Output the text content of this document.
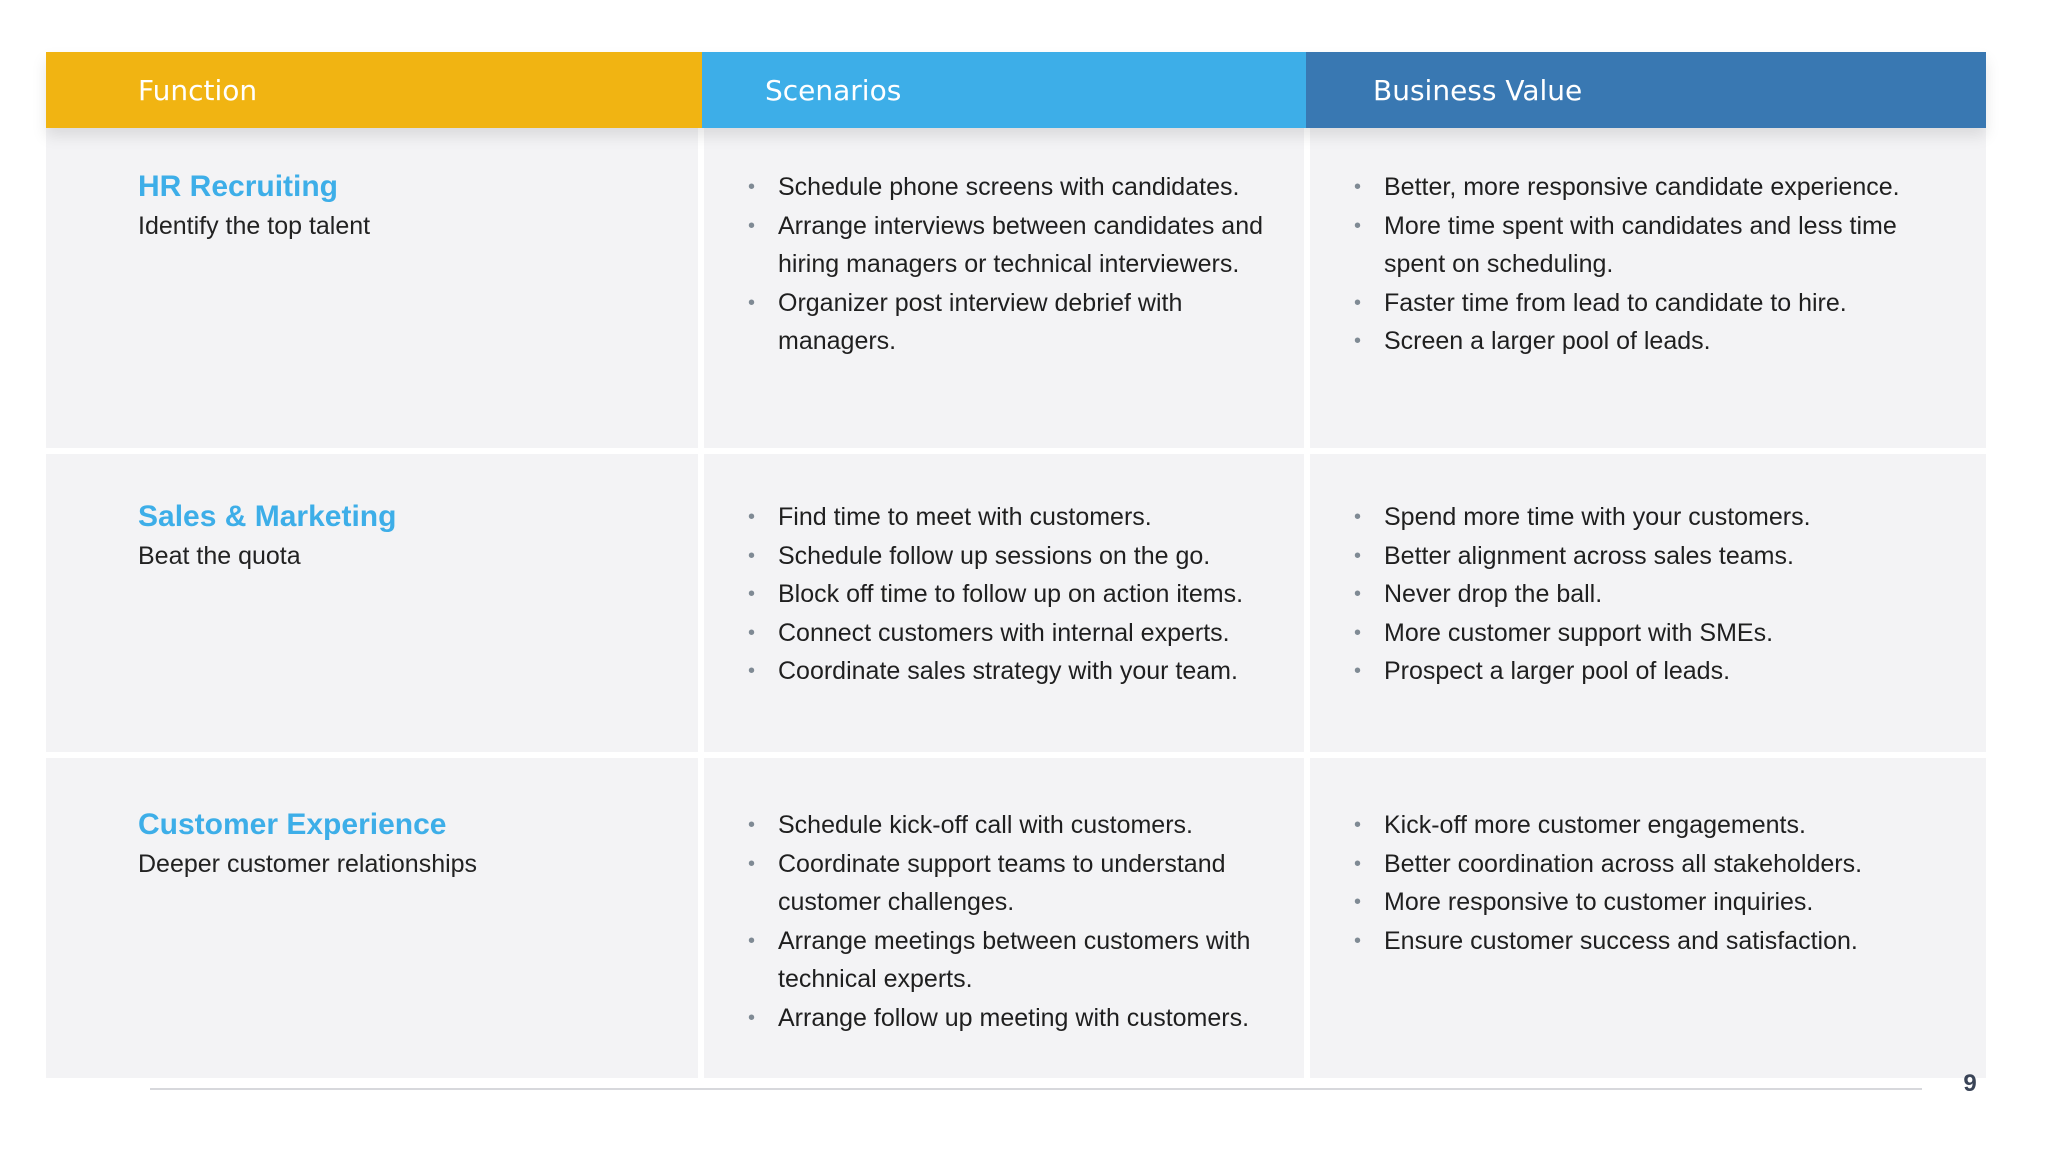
Function	Scenarios	Business Value
HR Recruiting
Identify the top talent
• Schedule phone screens with candidates.
• Arrange interviews between candidates and hiring managers or technical interviewers.
• Organizer post interview debrief with managers.
• Better, more responsive candidate experience.
• More time spent with candidates and less time spent on scheduling.
• Faster time from lead to candidate to hire.
• Screen a larger pool of leads.
Sales & Marketing
Beat the quota
• Find time to meet with customers.
• Schedule follow up sessions on the go.
• Block off time to follow up on action items.
• Connect customers with internal experts.
• Coordinate sales strategy with your team.
• Spend more time with your customers.
• Better alignment across sales teams.
• Never drop the ball.
• More customer support with SMEs.
• Prospect a larger pool of leads.
Customer Experience
Deeper customer relationships
• Schedule kick-off call with customers.
• Coordinate support teams to understand customer challenges.
• Arrange meetings between customers with technical experts.
• Arrange follow up meeting with customers.
• Kick-off more customer engagements.
• Better coordination across all stakeholders.
• More responsive to customer inquiries.
• Ensure customer success and satisfaction.
9
